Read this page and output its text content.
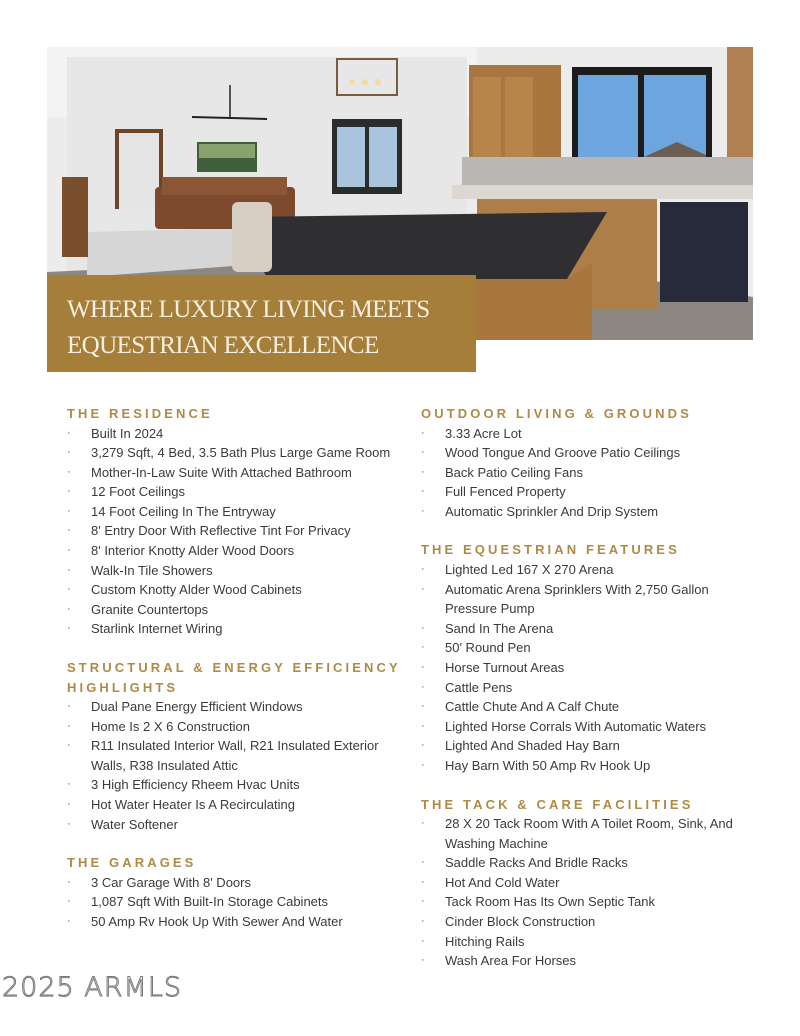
WHERE LUXURY LIVING MEETS
EQUESTRIAN EXCELLENCE
THE RESIDENCE
· Built In 2024
· 3,279 Sqft, 4 Bed, 3.5 Bath Plus Large Game Room
· Mother-In-Law Suite With Attached Bathroom
· 12 Foot Ceilings
· 14 Foot Ceiling In The Entryway
· 8' Entry Door With Reflective Tint For Privacy
· 8' Interior Knotty Alder Wood Doors
· Walk-In Tile Showers
· Custom Knotty Alder Wood Cabinets
· Granite Countertops
· Starlink Internet Wiring
STRUCTURAL & ENERGY EFFICIENCY HIGHLIGHTS
· Dual Pane Energy Efficient Windows
· Home Is 2 X 6 Construction
· R11 Insulated Interior Wall, R21 Insulated Exterior Walls, R38 Insulated Attic
· 3 High Efficiency Rheem Hvac Units
· Hot Water Heater Is A Recirculating
· Water Softener
THE GARAGES
· 3 Car Garage With 8' Doors
· 1,087 Sqft With Built-In Storage Cabinets
· 50 Amp Rv Hook Up With Sewer And Water
OUTDOOR LIVING & GROUNDS
· 3.33 Acre Lot
· Wood Tongue And Groove Patio Ceilings
· Back Patio Ceiling Fans
· Full Fenced Property
· Automatic Sprinkler And Drip System
THE EQUESTRIAN FEATURES
· Lighted Led 167 X 270 Arena
· Automatic Arena Sprinklers With 2,750 Gallon Pressure Pump
· Sand In The Arena
· 50' Round Pen
· Horse Turnout Areas
· Cattle Pens
· Cattle Chute And A Calf Chute
· Lighted Horse Corrals With Automatic Waters
· Lighted And Shaded Hay Barn
· Hay Barn With 50 Amp Rv Hook Up
THE TACK & CARE FACILITIES
· 28 X 20 Tack Room With A Toilet Room, Sink, And Washing Machine
· Saddle Racks And Bridle Racks
· Hot And Cold Water
· Tack Room Has Its Own Septic Tank
· Cinder Block Construction
· Hitching Rails
· Wash Area For Horses
2025 ARMLS
